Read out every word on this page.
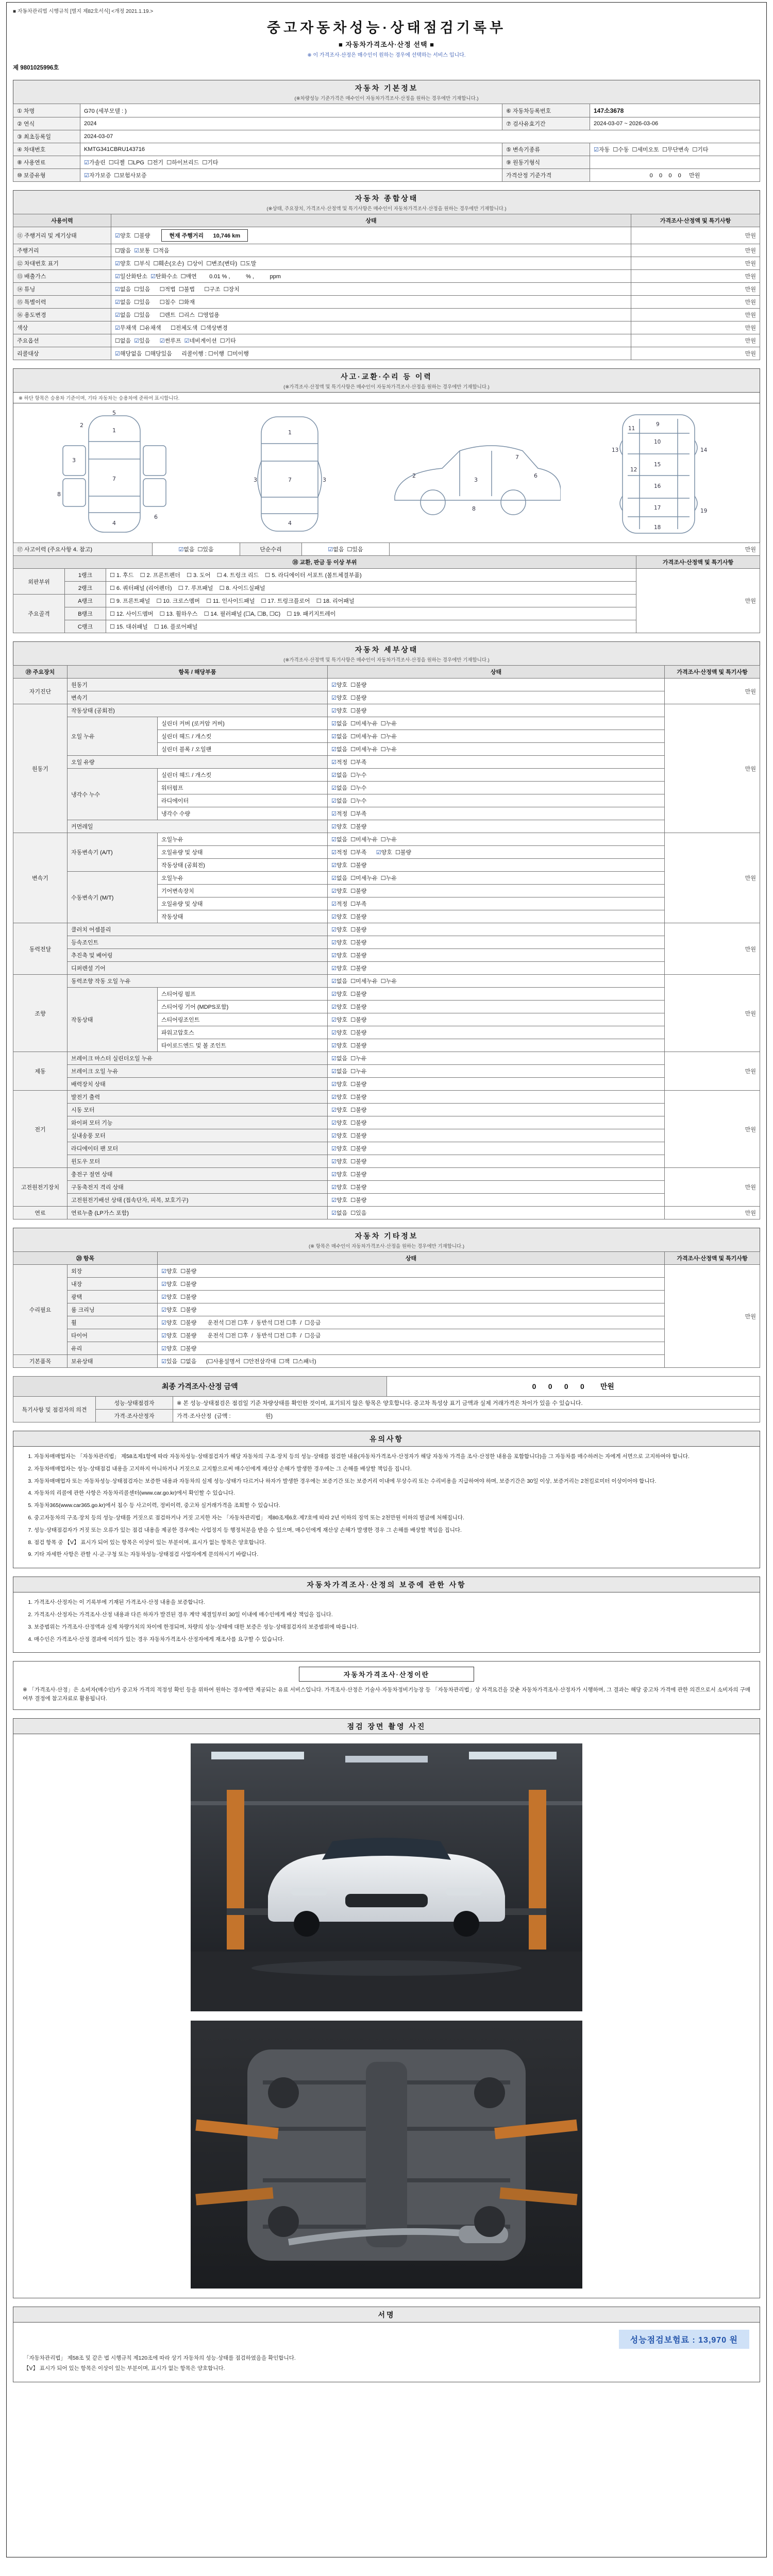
■ 자동차관리법 시행규칙 [별지 제82호서식] <개정 2021.1.19.>
중고자동차성능·상태점검기록부
■ 자동차가격조사·산정 선택 ■
※ 이 가격조사·산정은 매수인이 원하는 경우에 선택하는 서비스 입니다.
제 9801025996호
자동차 기본정보
(※차량성능 기준가격은 매수인이 자동차가격조사·산정을 원하는 경우에만 기재합니다.)
① 차명	G70 (세부모델 : )	⑥ 자동차등록번호	147소3678
② 연식	2024	⑦ 검사유효기간	2024-03-07 ~ 2026-03-06
③ 최초등록일	2024-03-07		
④ 차대번호	KMTG341CBRU143716	⑤ 변속기종류	☑자동  ☐수동  ☐세미오토  ☐무단변속  ☐기타
⑧ 사용연료	☑가솔린  ☐디젤  ☐LPG  ☐전기  ☐하이브리드  ☐기타	⑨ 원동기형식	
⑩ 보증유형	☑자가보증  ☐보험사보증	가격산정 기준가격	0    0    0    0     만원
자동차 종합상태
(※상태, 주요장치, 가격조사·산정액 및 특기사항은 매수인이 자동차가격조사·산정을 원하는 경우에만 기재합니다.)
사용이력	상태	가격조사·산정액 및 특기사항
⑪ 주행거리 및 계기상태	☑양호  ☐불량 현재 주행거리      10,746 km	만원
주행거리	☐많음  ☑보통  ☐적음	만원
⑫ 차대번호 표기	☑양호  ☐부식  ☐훼손(오손)  ☐상이  ☐변조(변타)  ☐도말	만원
⑬ 배출가스	☑일산화탄소  ☑탄화수소  ☐매연        0.01 % ,          % ,          ppm	만원
⑭ 튜닝	☑없음  ☐있음      ☐적법  ☐불법      ☐구조  ☐장치	만원
⑮ 특별이력	☑없음  ☐있음      ☐침수  ☐화재	만원
⑯ 용도변경	☑없음  ☐있음      ☐렌트  ☐리스  ☐영업용	만원
색상	☑무채색  ☐유채색      ☐전체도색  ☐색상변경	만원
주요옵션	☐없음  ☑있음      ☑썬루프  ☑네비게이션  ☐기타	만원
리콜대상	☑해당없음  ☐해당있음      리콜이행 : ☐이행  ☐미이행	만원
사고·교환·수리 등 이력
(※가격조사·산정액 및 특기사항은 매수인이 자동차가격조사·산정을 원하는 경우에만 기재합니다.)
※ 하단 항목은 승용차 기준이며, 기타 자동차는 승용차에 준하여 표시합니다.
1
2
3
4
5
6
7
8
1
7
4
3	3
2
3
6
8
7
9
10
11
12
13	14
15
16
17
18
19
⑰ 사고이력 (주요사항 4. 참고)	☑없음  ☐있음	단순수리	☑없음  ☐있음	만원
⑱ 교환, 판금 등 이상 부위			가격조사·산정액 및 특기사항
외판부위	1랭크	☐ 1. 후드    ☐ 2. 프론트펜더    ☐ 3. 도어    ☐ 4. 트렁크 리드    ☐ 5. 라디에이터 서포트 (볼트체결부품)	만원
	2랭크	☐ 6. 쿼터패널 (리어펜더)    ☐ 7. 루프패널    ☐ 8. 사이드실패널	
주요골격	A랭크	☐ 9. 프론트패널    ☐ 10. 크로스멤버    ☐ 11. 인사이드패널    ☐ 17. 트렁크플로어    ☐ 18. 리어패널	
	B랭크	☐ 12. 사이드멤버    ☐ 13. 휠하우스    ☐ 14. 필러패널 (☐A, ☐B, ☐C)    ☐ 19. 패키지트레이	
	C랭크	☐ 15. 대쉬패널    ☐ 16. 플로어패널	
자동차 세부상태
(※가격조사·산정액 및 특기사항은 매수인이 자동차가격조사·산정을 원하는 경우에만 기재합니다.)
⑲ 주요장치	항목 / 해당부품		상태	가격조사·산정액 및 특기사항
자기진단	원동기		☑양호  ☐불량	만원
	변속기		☑양호  ☐불량	
원동기	작동상태 (공회전)		☑양호  ☐불량	만원
	오일 누유	실린더 커버 (로커암 커버)	☑없음  ☐미세누유  ☐누유	
		실린더 헤드 / 개스킷	☑없음  ☐미세누유  ☐누유	
		실린더 블록 / 오일팬	☑없음  ☐미세누유  ☐누유	
	오일 유량		☑적정  ☐부족	
	냉각수 누수	실린더 헤드 / 개스킷	☑없음  ☐누수	
		워터펌프	☑없음  ☐누수	
		라디에이터	☑없음  ☐누수	
		냉각수 수량	☑적정  ☐부족	
	커먼레일		☑양호  ☐불량	
변속기	자동변속기 (A/T)	오일누유	☑없음  ☐미세누유  ☐누유	만원
		오일유량 및 상태	☑적정  ☐부족      ☑양호  ☐불량	
		작동상태 (공회전)	☑양호  ☐불량	
	수동변속기 (M/T)	오일누유	☑없음  ☐미세누유  ☐누유	
		기어변속장치	☑양호  ☐불량	
		오일유량 및 상태	☑적정  ☐부족	
		작동상태	☑양호  ☐불량	
동력전달	클러치 어셈블리		☑양호  ☐불량	만원
	등속조인트		☑양호  ☐불량	
	추진축 및 베어링		☑양호  ☐불량	
	디퍼렌셜 기어		☑양호  ☐불량	
조향	동력조향 작동 오일 누유		☑없음  ☐미세누유  ☐누유	만원
	작동상태	스티어링 펌프	☑양호  ☐불량	
		스티어링 기어 (MDPS포함)	☑양호  ☐불량	
		스티어링조인트	☑양호  ☐불량	
		파워고압호스	☑양호  ☐불량	
		타이로드엔드 및 볼 조인트	☑양호  ☐불량	
제동	브레이크 마스터 실린더오일 누유		☑없음  ☐누유	만원
	브레이크 오일 누유		☑없음  ☐누유	
	배력장치 상태		☑양호  ☐불량	
전기	발전기 출력		☑양호  ☐불량	만원
	시동 모터		☑양호  ☐불량	
	와이퍼 모터 기능		☑양호  ☐불량	
	실내송풍 모터		☑양호  ☐불량	
	라디에이터 팬 모터		☑양호  ☐불량	
	윈도우 모터		☑양호  ☐불량	
고전원전기장치	충전구 절연 상태		☑양호  ☐불량	만원
	구동축전지 격리 상태		☑양호  ☐불량	
	고전원전기배선 상태 (접속단자, 피복, 보호기구)		☑양호  ☐불량	
연료	연료누출 (LP가스 포함)		☑없음  ☐있음	만원
자동차 기타정보
(※ 항목은 매수인이 자동차가격조사·산정을 원하는 경우에만 기재합니다.)
⑳ 항목		상태	가격조사·산정액 및 특기사항
수리필요	외장	☑양호  ☐불량	만원
	내장	☑양호  ☐불량	
	광택	☑양호  ☐불량	
	룸 크리닝	☑양호  ☐불량	
	휠	☑양호  ☐불량       운전석 ☐전 ☐후  /  동반석 ☐전 ☐후  /  ☐응급	
	타이어	☑양호  ☐불량       운전석 ☐전 ☐후  /  동반석 ☐전 ☐후  /  ☐응급	
	유리	☑양호  ☐불량	
기본품목	보유상태	☑있음  ☐없음      (☐사용설명서  ☐안전삼각대  ☐잭  ☐스패너)	
최종 가격조사·산정 금액	0      0      0      0        만원
특기사항 및 점검자의 의견	성능·상태점검자	※ 본 성능·상태점검은 점검일 기준 차량상태를 확인한 것이며, 표기되지 않은 항목은 양호합니다. 중고차 특성상 표기 금액과 실제 거래가격은 차이가 있을 수 있습니다.
	가격·조사산정자	가격·조사산정  (금액 :                      원)
유의사항
1. 자동차매매업자는 「자동차관리법」 제58조제1항에 따라 자동차성능·상태점검자가 해당 자동차의 구조·장치 등의 성능·상태를 점검한 내용(자동차가격조사·산정자가 해당 자동차 가격을 조사·산정한 내용을 포함합니다)을 그 자동차를 매수하려는 자에게 서면으로 고지하여야 합니다.
2. 자동차매매업자는 성능·상태점검 내용을 고지하지 아니하거나 거짓으로 고지함으로써 매수인에게 재산상 손해가 발생한 경우에는 그 손해를 배상할 책임을 집니다.
3. 자동차매매업자 또는 자동차성능·상태점검자는 보증한 내용과 자동차의 실제 성능·상태가 다르거나 하자가 발생한 경우에는 보증기간 또는 보증거리 이내에 무상수리 또는 수리비용을 지급하여야 하며, 보증기간은 30일 이상, 보증거리는 2천킬로미터 이상이어야 합니다.
4. 자동차의 리콜에 관한 사항은 자동차리콜센터(www.car.go.kr)에서 확인할 수 있습니다.
5. 자동차365(www.car365.go.kr)에서 침수 등 사고이력, 정비이력, 중고차 실거래가격을 조회할 수 있습니다.
6. 중고자동차의 구조·장치 등의 성능·상태를 거짓으로 점검하거나 거짓 고지한 자는 「자동차관리법」 제80조제6호·제7호에 따라 2년 이하의 징역 또는 2천만원 이하의 벌금에 처해집니다.
7. 성능·상태점검자가 거짓 또는 오류가 있는 점검 내용을 제공한 경우에는 사업정지 등 행정처분을 받을 수 있으며, 매수인에게 재산상 손해가 발생한 경우 그 손해를 배상할 책임을 집니다.
8. 점검 항목 중 【V】 표시가 되어 있는 항목은 이상이 있는 부분이며, 표시가 없는 항목은 양호합니다.
9. 기타 자세한 사항은 관할 시·군·구청 또는 자동차성능·상태점검 사업자에게 문의하시기 바랍니다.
자동차가격조사·산정의 보증에 관한 사항
1. 가격조사·산정자는 이 기록부에 기재된 가격조사·산정 내용을 보증합니다.
2. 가격조사·산정자는 가격조사·산정 내용과 다른 하자가 발견된 경우 계약 체결일부터 30일 이내에 매수인에게 배상 책임을 집니다.
3. 보증범위는 가격조사·산정액과 실제 차량가치의 차이에 한정되며, 차량의 성능·상태에 대한 보증은 성능·상태점검자의 보증범위에 따릅니다.
4. 매수인은 가격조사·산정 결과에 이의가 있는 경우 자동차가격조사·산정자에게 재조사를 요구할 수 있습니다.
자동차가격조사·산정이란
※ 「가격조사·산정」은 소비자(매수인)가 중고차 가격의 적정성 확인 등을 위하여 원하는 경우에만 제공되는 유료 서비스입니다. 가격조사·산정은 기술사·자동차정비기능장 등 「자동차관리법」상 자격요건을 갖춘 자동차가격조사·산정자가 시행하며, 그 결과는 해당 중고차 가격에 관한 의견으로서 소비자의 구매여부 결정에 참고자료로 활용됩니다.
점검 장면 촬영 사진
서명
성능점검보험료 : 13,970 원
「자동차관리법」 제58조 및 같은 법 시행규칙 제120조에 따라 상기 자동차의 성능·상태를 점검하였음을 확인합니다.
【V】 표시가 되어 있는 항목은 이상이 있는 부분이며, 표시가 없는 항목은 양호합니다.
